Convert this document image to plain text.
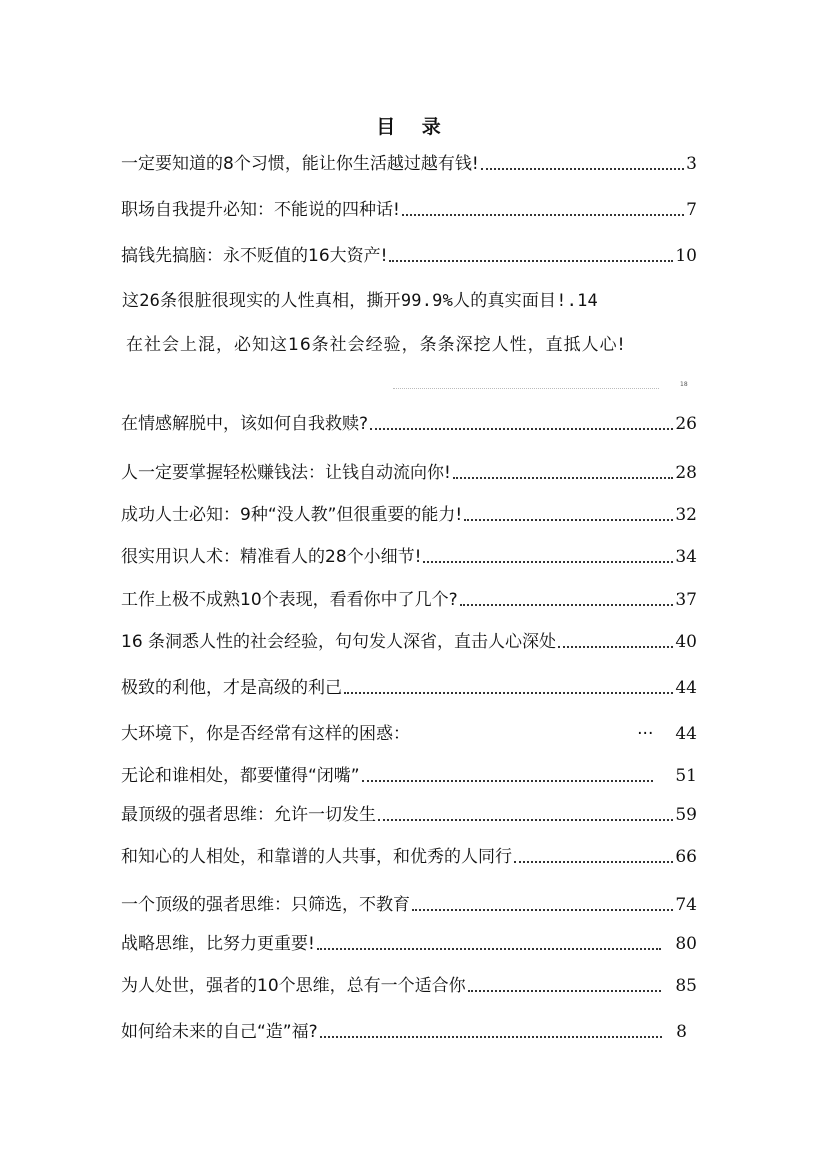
目 录
一定要知道的8个习惯，能让你生活越过越有钱!	3
职场自我提升必知：不能说的四种话!	7
搞钱先搞脑：永不贬值的16大资产!	10
这26条很脏很现实的人性真相，撕开99.9%人的真实面目!.14
在社会上混，必知这16条社会经验，条条深挖人性，直抵人心!
18
在情感解脱中，该如何自我救赎?	26
人一定要掌握轻松赚钱法：让钱自动流向你!	28
成功人士必知：9种“没人教”但很重要的能力!	32
很实用识人术：精准看人的28个小细节!	34
工作上极不成熟10个表现，看看你中了几个?	37
16 条洞悉人性的社会经验，句句发人深省，直击人心深处	40
极致的利他，才是高级的利己	44
大环境下，你是否经常有这样的困惑：	··· 44
无论和谁相处，都要懂得“闭嘴”	51
最顶级的强者思维：允许一切发生	59
和知心的人相处，和靠谱的人共事，和优秀的人同行	66
一个顶级的强者思维：只筛选，不教育	74
战略思维，比努力更重要!	80
为人处世，强者的10个思维，总有一个适合你	85
如何给未来的自己“造”福?	8
